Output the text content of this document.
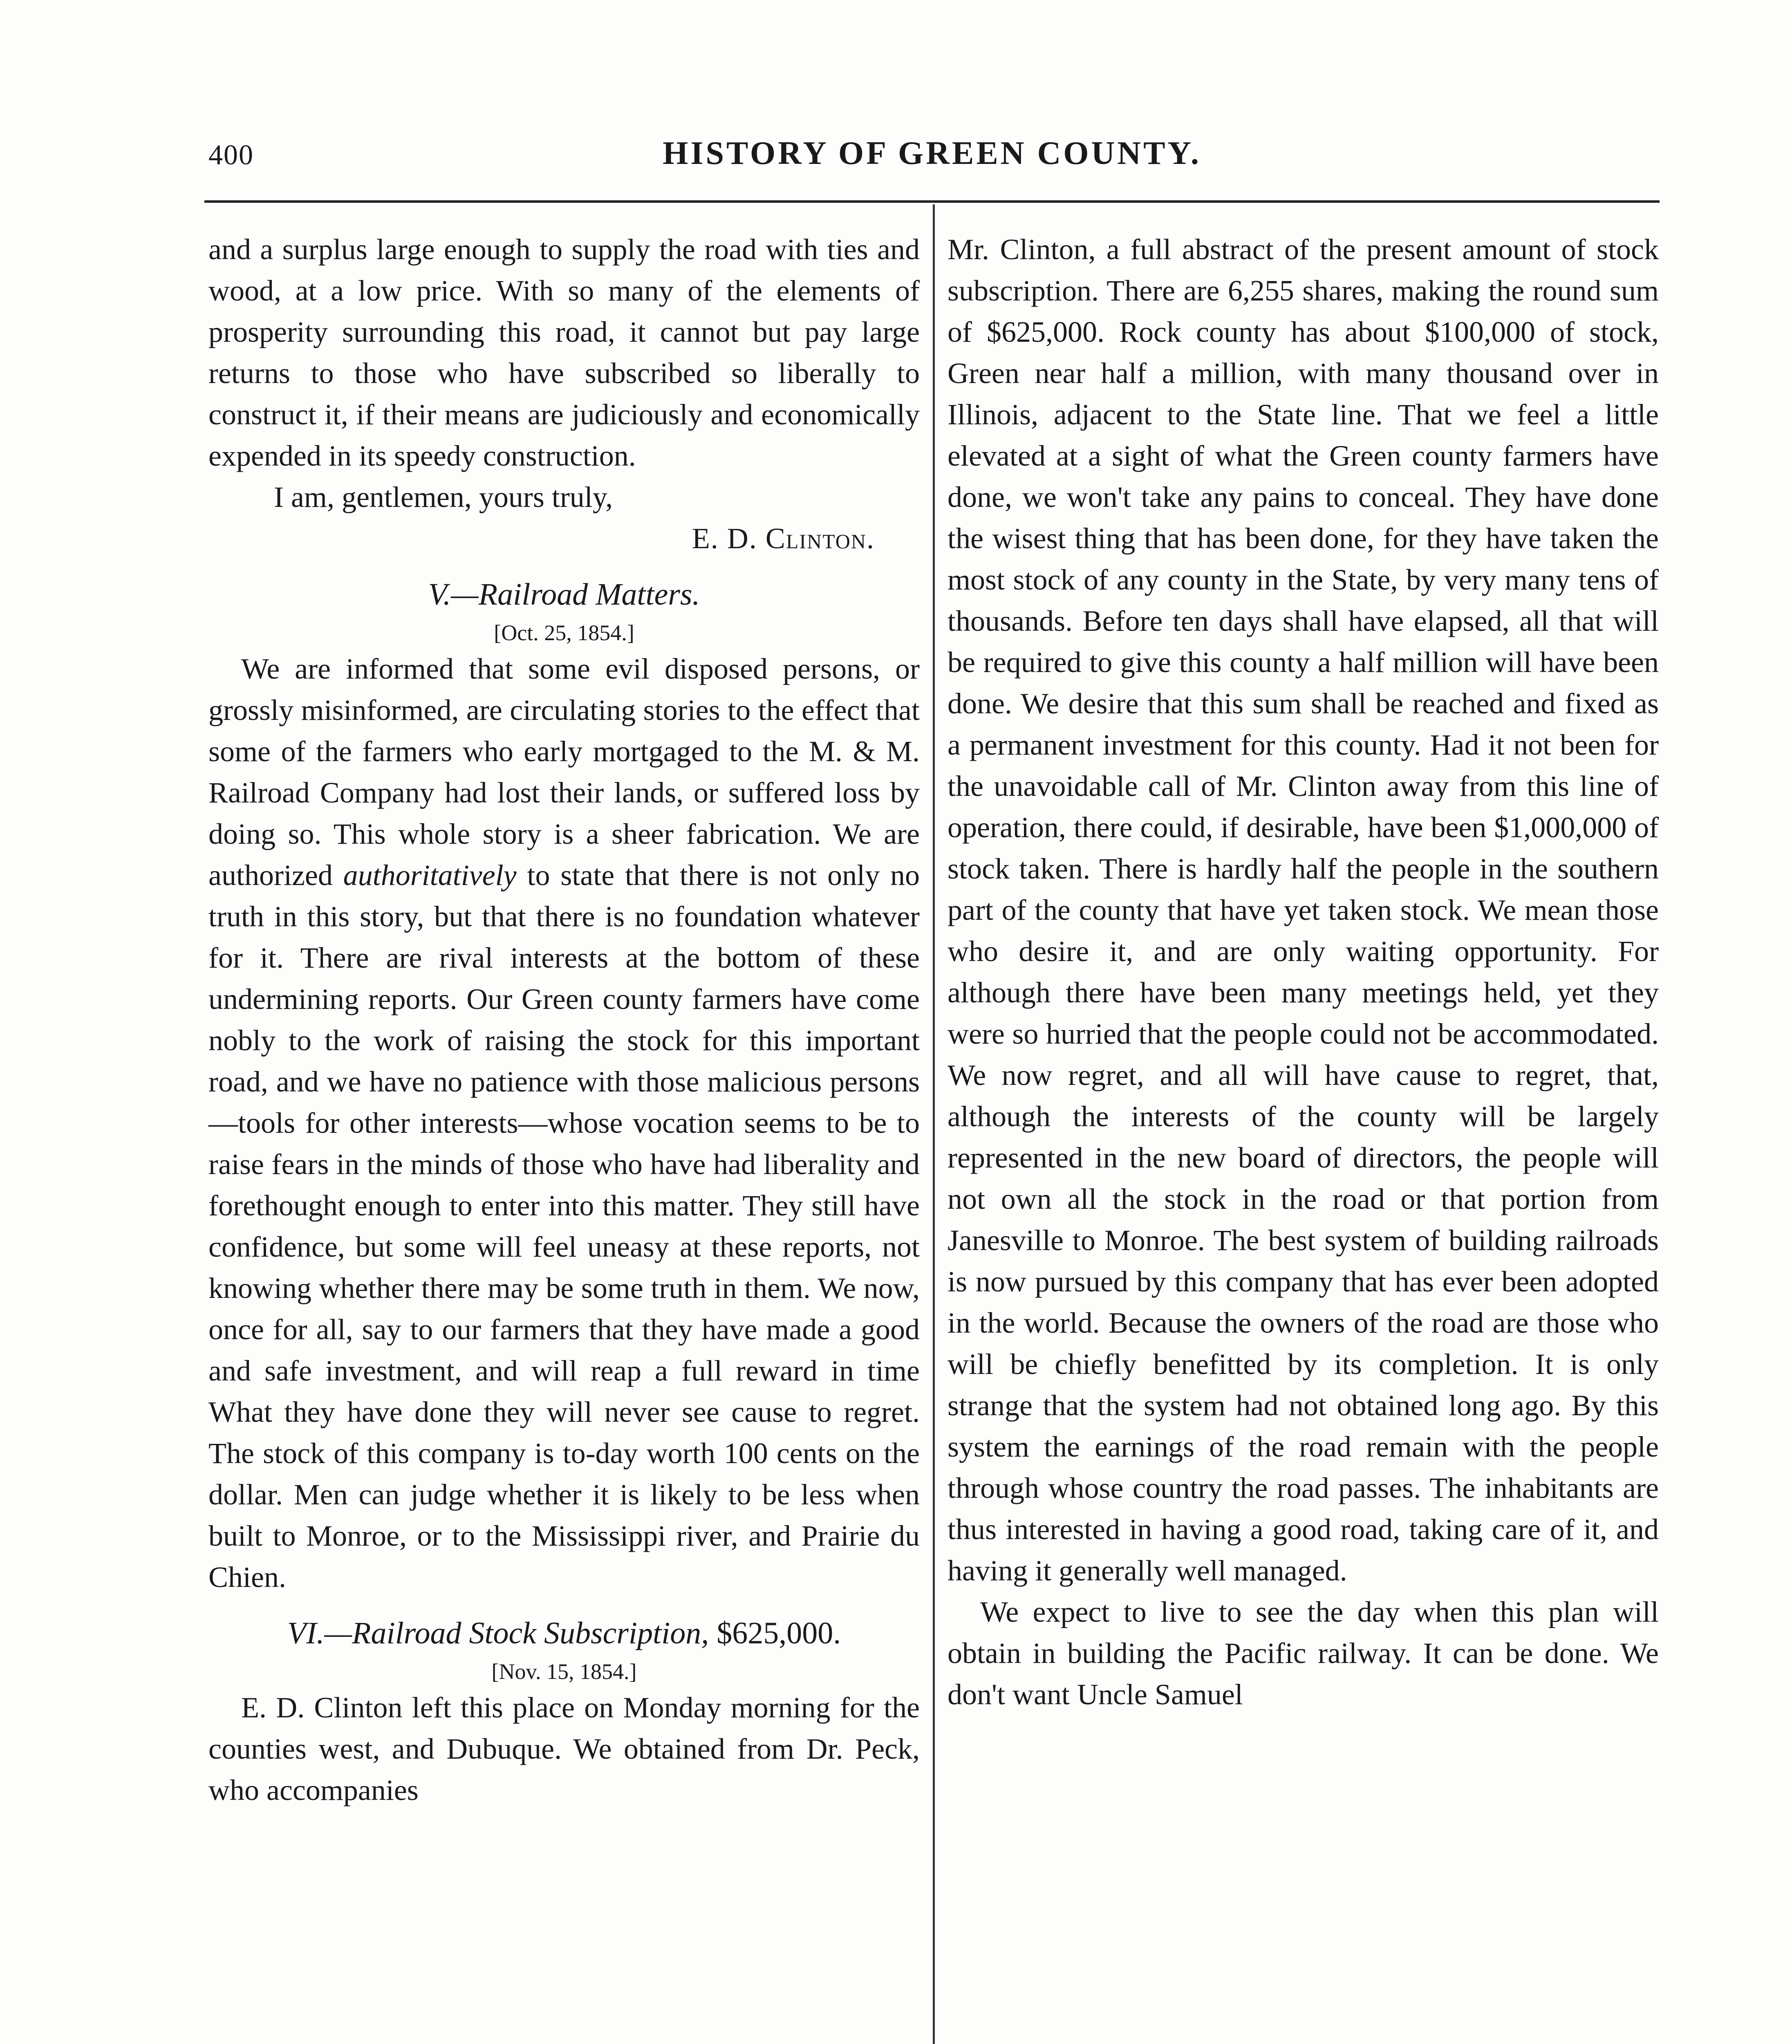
400	HISTORY OF GREEN COUNTY.

and a surplus large enough to supply the road with ties and wood, at a low price. With so many of the elements of prosperity surrounding this road, it cannot but pay large returns to those who have subscribed so liberally to construct it, if their means are judiciously and economically expended in its speedy construction.

I am, gentlemen, yours truly,

E. D. Clinton.

V.—Railroad Matters.

[Oct. 25, 1854.]

We are informed that some evil disposed persons, or grossly misinformed, are circulating stories to the effect that some of the farmers who early mortgaged to the M. & M. Railroad Company had lost their lands, or suffered loss by doing so. This whole story is a sheer fabrication. We are authorized authoritatively to state that there is not only no truth in this story, but that there is no foundation whatever for it. There are rival interests at the bottom of these undermining reports. Our Green county farmers have come nobly to the work of raising the stock for this important road, and we have no patience with those malicious persons—tools for other interests—whose vocation seems to be to raise fears in the minds of those who have had liberality and forethought enough to enter into this matter. They still have confidence, but some will feel uneasy at these reports, not knowing whether there may be some truth in them. We now, once for all, say to our farmers that they have made a good and safe investment, and will reap a full reward in time What they have done they will never see cause to regret. The stock of this company is to-day worth 100 cents on the dollar. Men can judge whether it is likely to be less when built to Monroe, or to the Mississippi river, and Prairie du Chien.

VI.—Railroad Stock Subscription, $625,000.

[Nov. 15, 1854.]

E. D. Clinton left this place on Monday morning for the counties west, and Dubuque. We obtained from Dr. Peck, who accompanies

Mr. Clinton, a full abstract of the present amount of stock subscription. There are 6,255 shares, making the round sum of $625,000. Rock county has about $100,000 of stock, Green near half a million, with many thousand over in Illinois, adjacent to the State line. That we feel a little elevated at a sight of what the Green county farmers have done, we won't take any pains to conceal. They have done the wisest thing that has been done, for they have taken the most stock of any county in the State, by very many tens of thousands. Before ten days shall have elapsed, all that will be required to give this county a half million will have been done. We desire that this sum shall be reached and fixed as a permanent investment for this county. Had it not been for the unavoidable call of Mr. Clinton away from this line of operation, there could, if desirable, have been $1,000,000 of stock taken. There is hardly half the people in the southern part of the county that have yet taken stock. We mean those who desire it, and are only waiting opportunity. For although there have been many meetings held, yet they were so hurried that the people could not be accommodated. We now regret, and all will have cause to regret, that, although the interests of the county will be largely represented in the new board of directors, the people will not own all the stock in the road or that portion from Janesville to Monroe. The best system of building railroads is now pursued by this company that has ever been adopted in the world. Because the owners of the road are those who will be chiefly benefitted by its completion. It is only strange that the system had not obtained long ago. By this system the earnings of the road remain with the people through whose country the road passes. The inhabitants are thus interested in having a good road, taking care of it, and having it generally well managed.

We expect to live to see the day when this plan will obtain in building the Pacific railway. It can be done. We don't want Uncle Samuel
